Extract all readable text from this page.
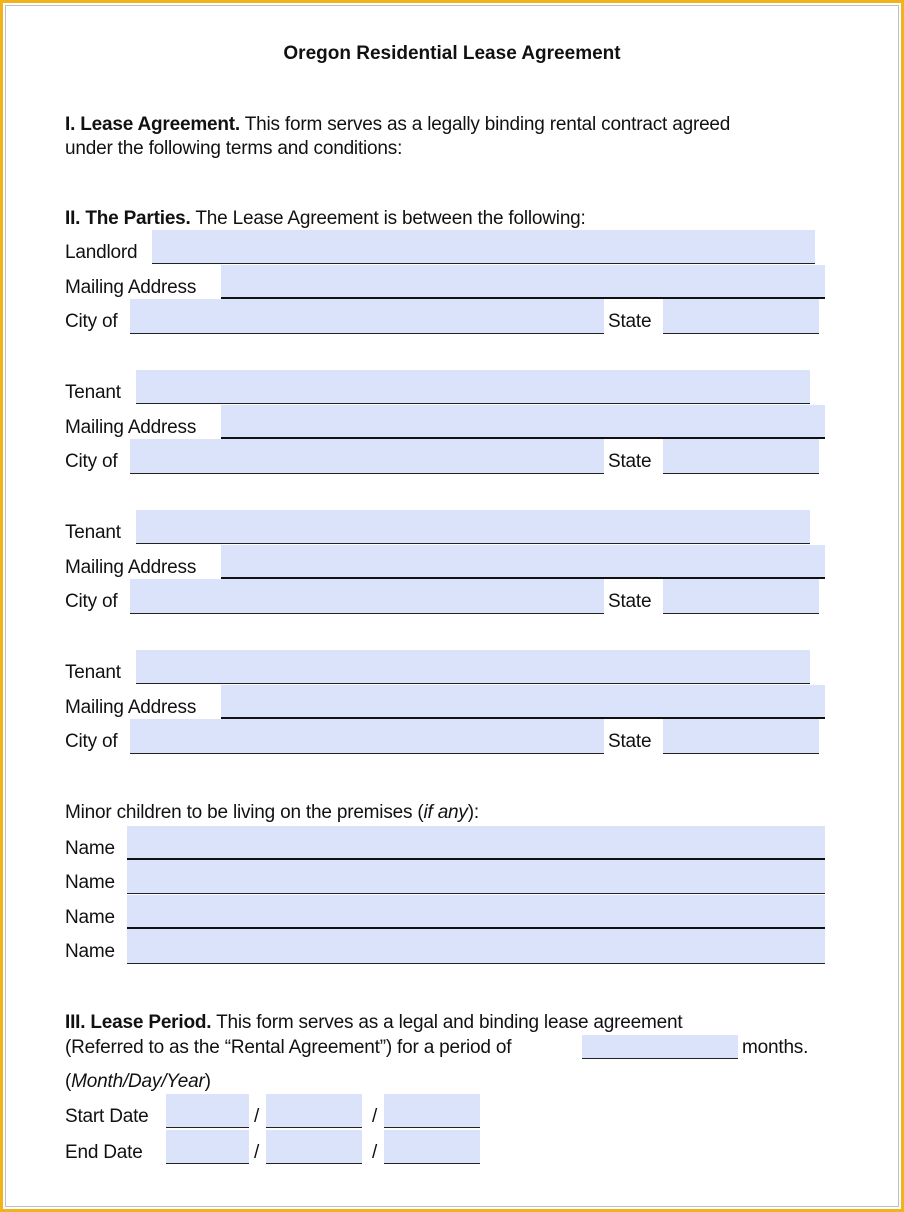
Oregon Residential Lease Agreement
I. Lease Agreement. This form serves as a legally binding rental contract agreed
under the following terms and conditions:
II. The Parties. The Lease Agreement is between the following:
Landlord
Mailing Address
City of	State
Tenant
Mailing Address
City of	State
Tenant
Mailing Address
City of	State
Tenant
Mailing Address
City of	State
Minor children to be living on the premises (if any):
Name
Name
Name
Name
III. Lease Period. This form serves as a legal and binding lease agreement
(Referred to as the “Rental Agreement”) for a period of	months.
(Month/Day/Year)
Start Date	/	/
End Date	/	/
